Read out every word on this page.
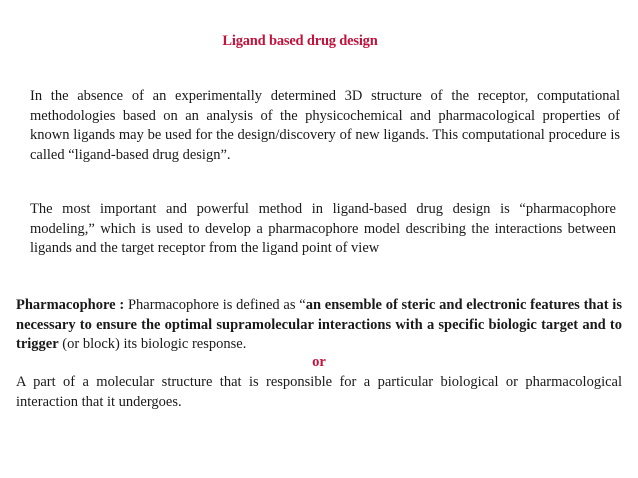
Ligand based drug design

In the absence of an experimentally determined 3D structure of the receptor, computational methodologies based on an analysis of the physicochemical and pharmacological properties of known ligands may be used for the design/discovery of new ligands. This computational procedure is called “ligand-based drug design”.

The most important and powerful method in ligand-based drug design is “pharmacophore modeling,” which is used to develop a pharmacophore model describing the interactions between ligands and the target receptor from the ligand point of view

Pharmacophore : Pharmacophore is defined as “an ensemble of steric and electronic features that is necessary to ensure the optimal supramolecular interactions with a specific biologic target and to trigger (or block) its biologic response.

or

A part of a molecular structure that is responsible for a particular biological or pharmacological interaction that it undergoes.
